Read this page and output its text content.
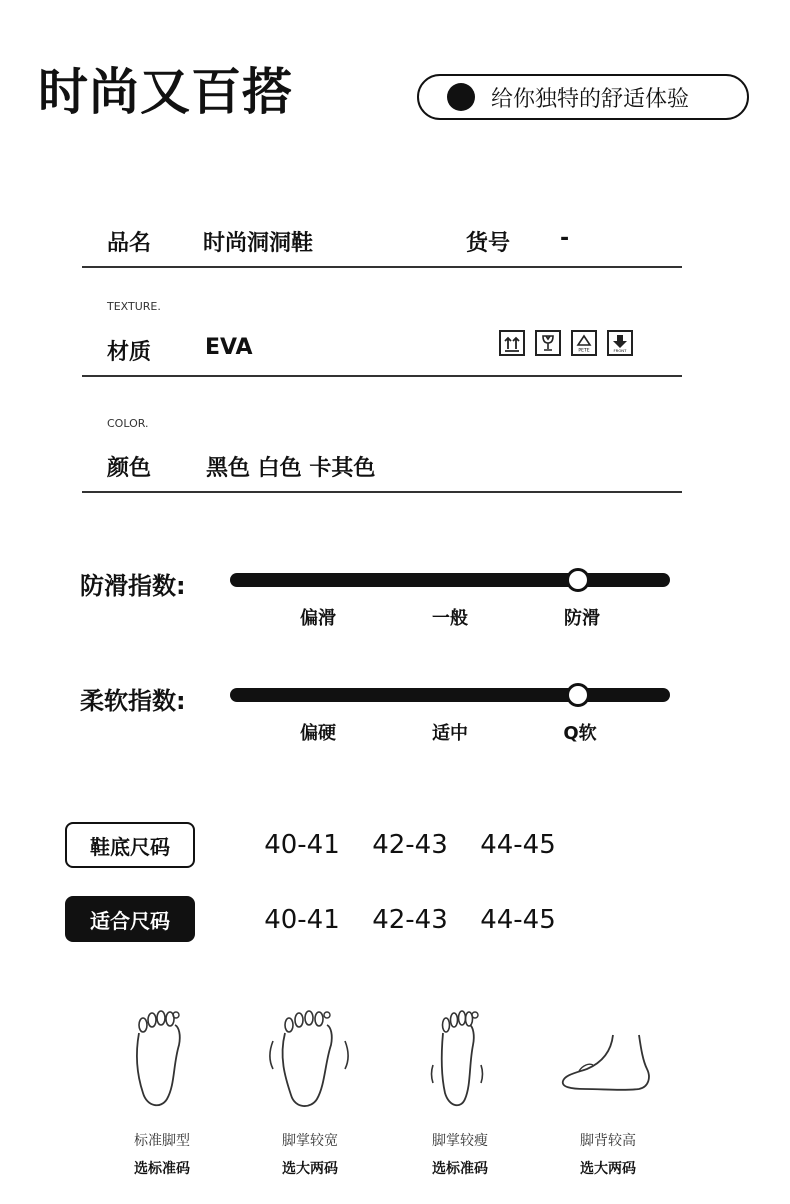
时尚又百搭	给你独特的舒适体验
品名 时尚洞洞鞋	货号 -
TEXTURE.
材质 EVA	PETE	FRONT
COLOR.
颜色 黑色 白色 卡其色
防滑指数:
偏滑	一般	防滑
柔软指数:
偏硬	适中	Q软
鞋底尺码	40-41 42-43 44-45
适合尺码	40-41 42-43 44-45
标准脚型
选标准码
脚掌较宽
选大两码
脚掌较瘦
选标准码
脚背较高
选大两码
